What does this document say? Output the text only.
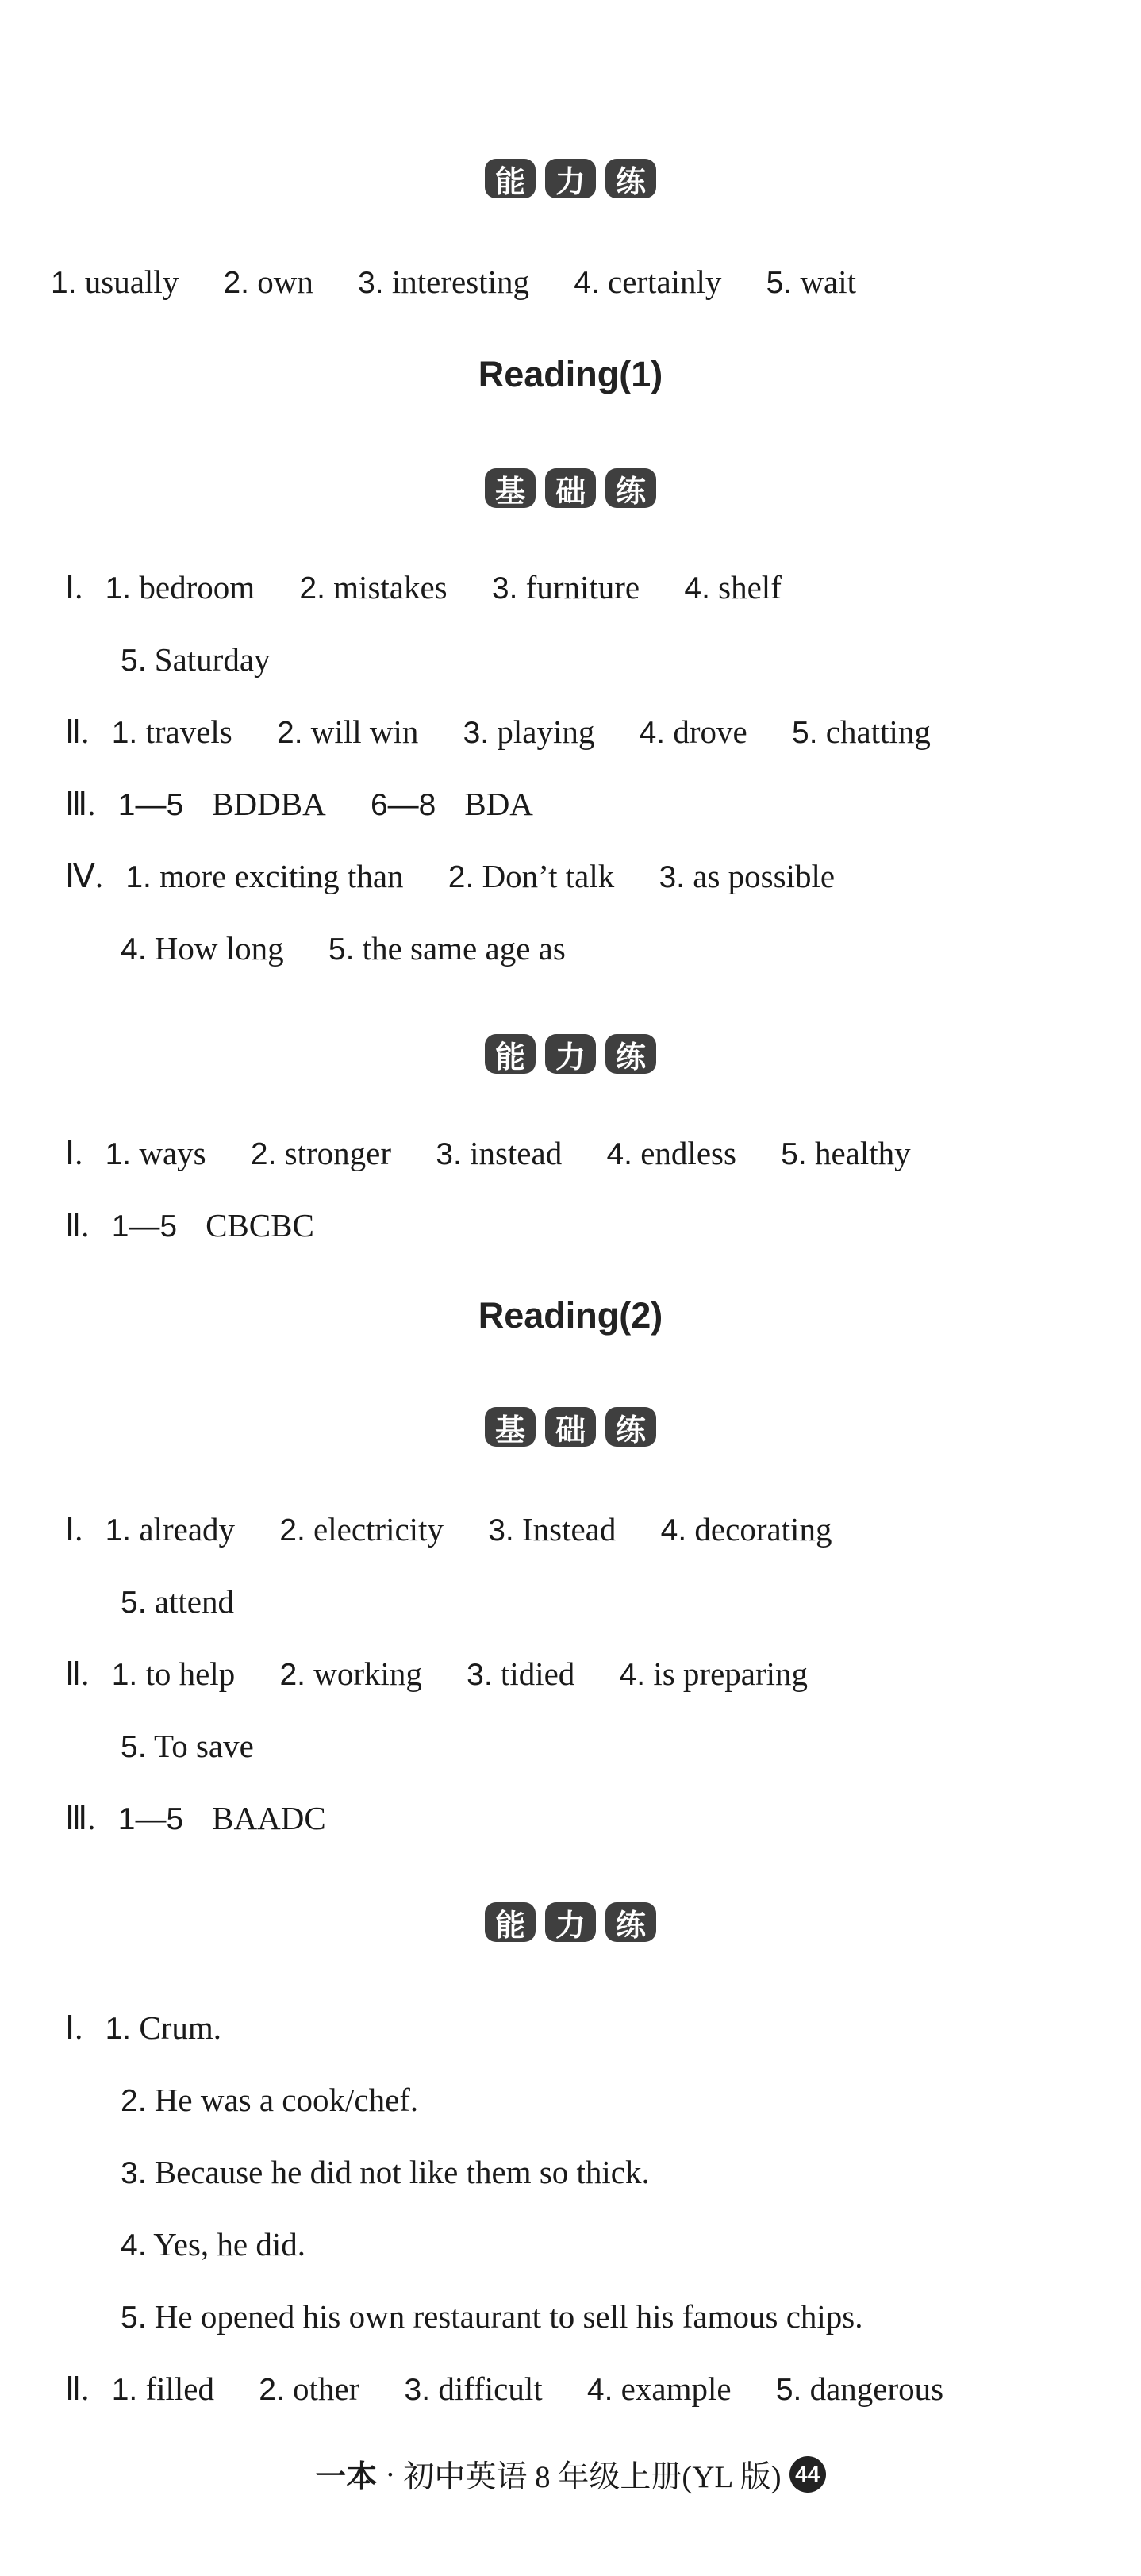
能 力 练
1. usually 2. own 3. interesting 4. certainly 5. wait
Reading(1)
基 础 练
Ⅰ. 1. bedroom 2. mistakes 3. furniture 4. shelf
5. Saturday
Ⅱ. 1. travels 2. will win 3. playing 4. drove 5. chatting
Ⅲ. 1—5 BDDBA 6—8 BDA
Ⅳ. 1. more exciting than 2. Don’t talk 3. as possible
4. How long 5. the same age as
能 力 练
Ⅰ. 1. ways 2. stronger 3. instead 4. endless 5. healthy
Ⅱ. 1—5 CBCBC
Reading(2)
基 础 练
Ⅰ. 1. already 2. electricity 3. Instead 4. decorating
5. attend
Ⅱ. 1. to help 2. working 3. tidied 4. is preparing
5. To save
Ⅲ. 1—5 BAADC
能 力 练
Ⅰ. 1. Crum.
2. He was a cook/chef.
3. Because he did not like them so thick.
4. Yes, he did.
5. He opened his own restaurant to sell his famous chips.
Ⅱ. 1. filled 2. other 3. difficult 4. example 5. dangerous
一本 · 初中英语 8 年级上册(YL 版) 44
